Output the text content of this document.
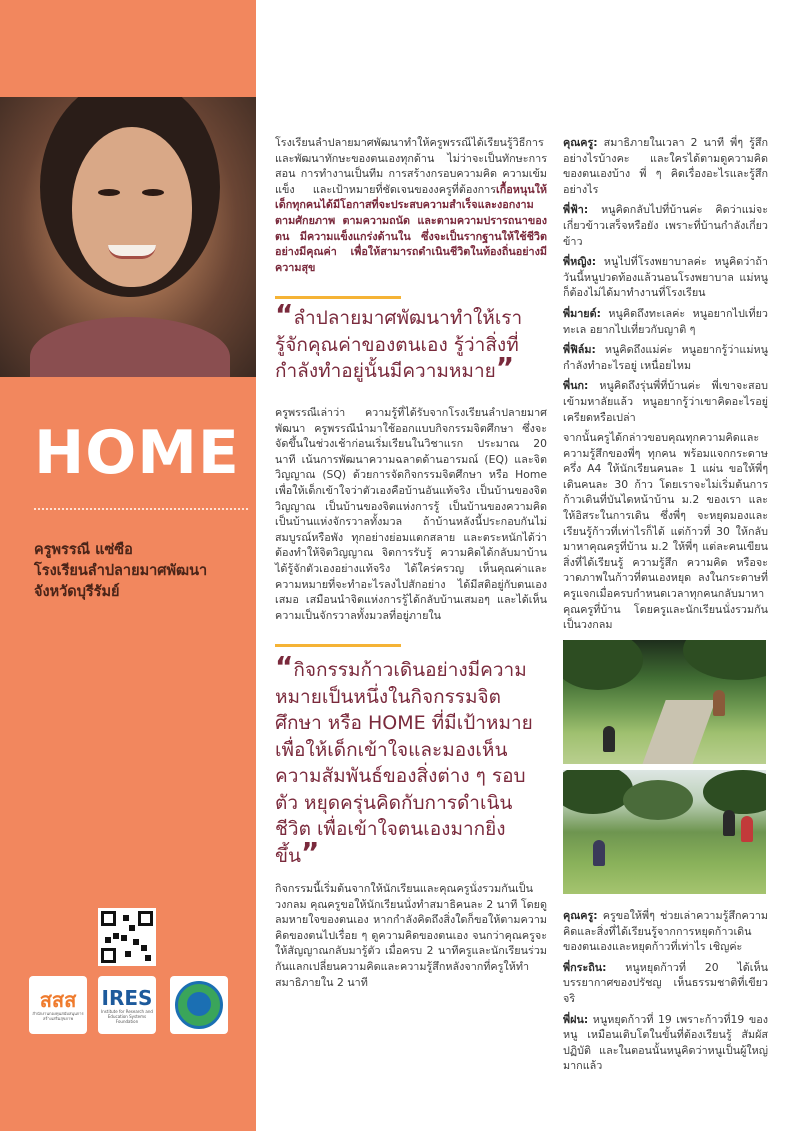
HOME
ครูพรรณี แซ่ซือ
โรงเรียนลำปลายมาศพัฒนา
จังหวัดบุรีรัมย์
สสส
สำนักงานกองทุนสนับสนุนการสร้างเสริมสุขภาพ
IRES
Institute for Research and Education Systems Foundation

โรงเรียนลำปลายมาศพัฒนาทำให้ครูพรรณีได้เรียนรู้วิธีการและพัฒนาทักษะของตนเองทุกด้าน ไม่ว่าจะเป็นทักษะการสอน การทำงานเป็นทีม การสร้างกรอบความคิด ความเข้มแข็ง และเป้าหมายที่ชัดเจนของงครูที่ต้องการเกื้อหนุนให้เด็กทุกคนได้มีโอกาสที่จะประสบความสำเร็จและงอกงามตามศักยภาพ ตามความถนัด และตามความปรารถนาของตน มีความแข็งแกร่งด้านใน ซึ่งจะเป็นรากฐานให้ใช้ชีวิตอย่างมีคุณค่า เพื่อให้สามารถดำเนินชีวิตในท้องถิ่นอย่างมีความสุข

“ลำปลายมาศพัฒนาทำให้เรารู้จักคุณค่าของตนเอง รู้ว่าสิ่งที่กำลังทำอยู่นั้นมีความหมาย”

ครูพรรณีเล่าว่า ความรู้ที่ได้รับจากโรงเรียนลำปลายมาศพัฒนา ครูพรรณีนำมาใช้ออกแบบกิจกรรมจิตศึกษา ซึ่งจะจัดขึ้นในช่วงเช้าก่อนเริ่มเรียนในวิชาแรก ประมาณ 20 นาที เน้นการพัฒนาความฉลาดด้านอารมณ์ (EQ) และจิตวิญญาณ (SQ) ด้วยการจัดกิจกรรมจิตศึกษา หรือ Home เพื่อให้เด็กเข้าใจว่าตัวเองคือบ้านอันแท้จริง เป็นบ้านของจิตวิญญาณ เป็นบ้านของจิตแห่งการรู้ เป็นบ้านของความคิด เป็นบ้านแห่งจักรวาลทั้งมวล ถ้าบ้านหลังนี้ประกอบกันไม่สมบูรณ์หรือพัง ทุกอย่างย่อมแตกสลาย และตระหนักได้ว่าต้องทำให้จิตวิญญาณ จิตการรับรู้ ความคิดได้กลับมาบ้าน ได้รู้จักตัวเองอย่างแท้จริง ได้ใคร่ครวญ เห็นคุณค่าและความหมายที่จะทำอะไรลงไปสักอย่าง ได้มีสติอยู่กับตนเองเสมอ เสมือนนำจิตแห่งการรู้ได้กลับบ้านเสมอๆ และได้เห็นความเป็นจักรวาลทั้งมวลที่อยู่ภายใน

“กิจกรรมก้าวเดินอย่างมีความหมายเป็นหนึ่งในกิจกรรมจิตศึกษา หรือ HOME ที่มีเป้าหมายเพื่อให้เด็กเข้าใจและมองเห็นความสัมพันธ์ของสิ่งต่าง ๆ รอบตัว หยุดครุ่นคิดกับการดำเนินชีวิต เพื่อเข้าใจตนเองมากยิ่งขึ้น”

กิจกรรมนี้เริ่มต้นจากให้นักเรียนและคุณครูนั่งรวมกันเป็นวงกลม คุณครูขอให้นักเรียนนั่งทำสมาธิคนละ 2 นาที โดยดูลมหายใจของตนเอง หากกำลังคิดถึงสิ่งใดก็ขอให้ตามความคิดของตนไปเรื่อย ๆ ดูความคิดของตนเอง จนกว่าคุณครูจะให้สัญญาณกลับมารู้ตัว เมื่อครบ 2 นาทีครูและนักเรียนร่วมกันแลกเปลี่ยนความคิดและความรู้สึกหลังจากที่ครูให้ทำสมาธิภายใน 2 นาที

คุณครู: สมาธิภายในเวลา 2 นาที พี่ๆ รู้สึกอย่างไรบ้างคะ และใครได้ตามดูความคิดของตนเองบ้าง พี่ ๆ คิดเรื่องอะไรและรู้สึกอย่างไร

พี่ฟ้า: หนูคิดกลับไปที่บ้านค่ะ คิดว่าแม่จะเกี่ยวข้าวเสร็จหรือยัง เพราะที่บ้านกำลังเกี่ยวข้าว

พี่หญิง: หนูไปที่โรงพยาบาลค่ะ หนูคิดว่าถ้าวันนี้หนูปวดท้องแล้วนอนโรงพยาบาล แม่หนูก็ต้องไม่ได้มาทำงานที่โรงเรียน

พี่มายด์: หนูคิดถึงทะเลค่ะ หนูอยากไปเที่ยวทะเล อยากไปเที่ยวกับญาติ ๆ

พี่ฟิล์ม: หนูคิดถึงแม่ค่ะ หนูอยากรู้ว่าแม่หนูกำลังทำอะไรอยู่ เหนื่อยไหม

พี่นก: หนูคิดถึงรุ่นพี่ที่บ้านค่ะ พี่เขาจะสอบเข้ามหาลัยแล้ว หนูอยากรู้ว่าเขาคิดอะไรอยู่ เครียดหรือเปล่า

จากนั้นครูได้กล่าวขอบคุณทุกความคิดและความรู้สึกของพี่ๆ ทุกคน พร้อมแจกกระดาษครึ่ง A4 ให้นักเรียนคนละ 1 แผ่น ขอให้พี่ๆ เดินคนละ 30 ก้าว โดยเราจะไม่เริ่มต้นการก้าวเดินที่บันไดหน้าบ้าน ม.2 ของเรา และให้อิสระในการเดิน ซึ่งพี่ๆ จะหยุดมองและเรียนรู้ก้าวที่เท่าไรก็ได้ แต่ก้าวที่ 30 ให้กลับมาหาคุณครูที่บ้าน ม.2 ให้พี่ๆ แต่ละคนเขียนสิ่งที่ได้เรียนรู้ ความรู้สึก ความคิด หรือจะวาดภาพในก้าวที่ตนเองหยุด ลงในกระดาษที่ครูแจกเมื่อครบกำหนดเวลาทุกคนกลับมาหาคุณครูที่บ้าน โดยครูและนักเรียนนั่งรวมกันเป็นวงกลม

คุณครู: ครูขอให้พี่ๆ ช่วยเล่าความรู้สึกความคิดและสิ่งที่ได้เรียนรู้จากการหยุดก้าวเดินของตนเองและหยุดก้าวที่เท่าไร เชิญค่ะ

พี่กระถิน: หนูหยุดก้าวที่ 20 ได้เห็นบรรยากาศของปรัชญ เห็นธรรมชาติที่เขียวจริ

พี่ฝน: หนูหยุดก้าวที่ 19 เพราะก้าวที่19 ของหนู เหมือนเติบโตในขั้นที่ต้องเรียนรู้ สัมผัสปฏิบัติ และในตอนนั้นหนูคิดว่าหนูเป็นผู้ใหญ่มากแล้ว
